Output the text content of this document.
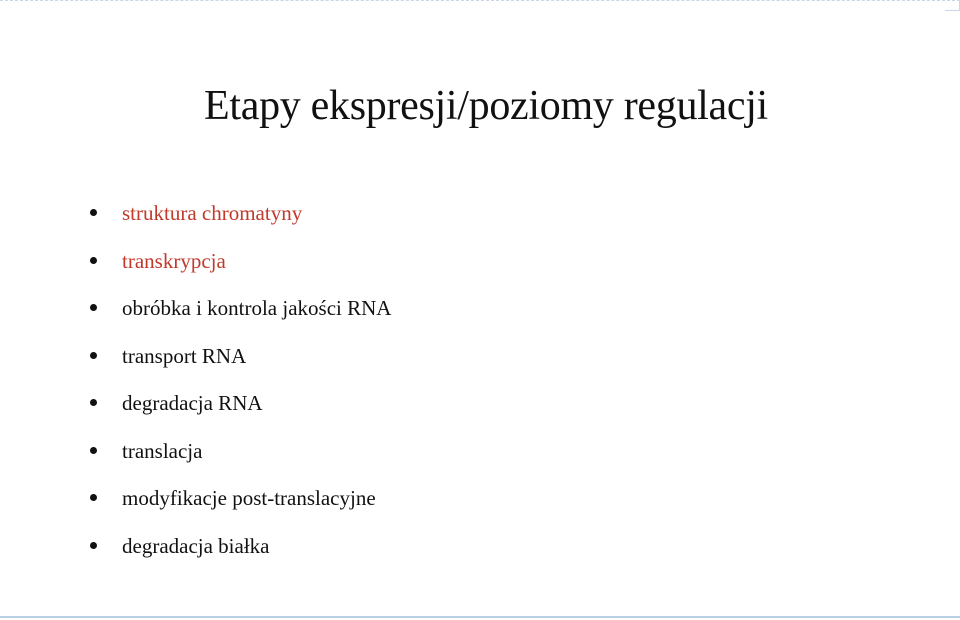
Etapy ekspresji/poziomy regulacji
struktura chromatyny
transkrypcja
obróbka i kontrola jakości RNA
transport RNA
degradacja RNA
translacja
modyfikacje post-translacyjne
degradacja białka
